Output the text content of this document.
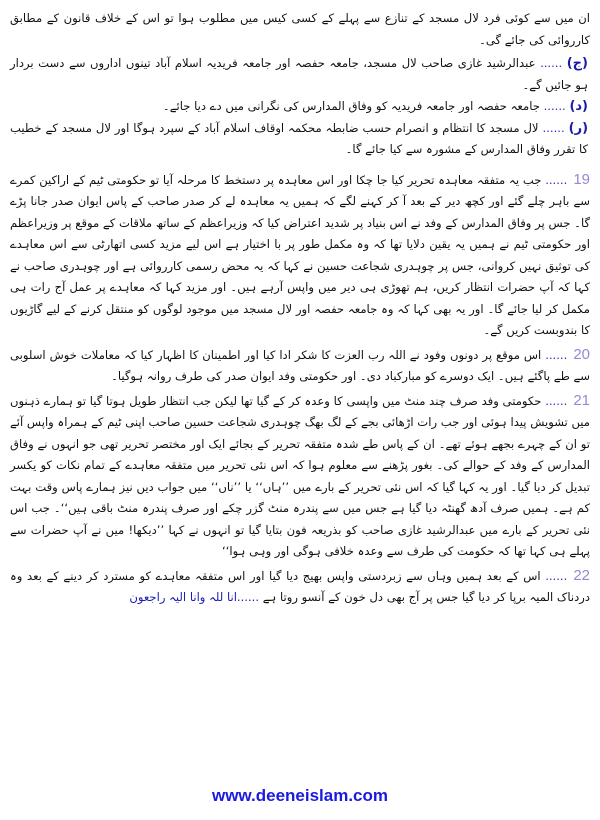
ان میں سے کوئی فرد لال مسجد کے تنازع سے پہلے کے کسی کیس میں مطلوب ہوا تو اس کے خلاف قانون کے مطابق کارروائی کی جائے گی۔

(ج) ...... عبدالرشید غازی صاحب لال مسجد، جامعہ حفصہ اور جامعہ فریدیہ اسلام آباد تینوں اداروں سے دست بردار ہو جائیں گے۔
(د) ...... جامعہ حفصہ اور جامعہ فریدیہ کو وفاق المدارس کی نگرانی میں دے دیا جائے۔
(ر) ...... لال مسجد کا انتظام و انصرام حسب ضابطہ محکمہ اوقاف اسلام آباد کے سپرد ہوگا اور لال مسجد کے خطیب کا تقرر وفاق المدارس کے مشورہ سے کیا جائے گا۔

19...... جب یہ متفقہ معاہدہ تحریر کیا جا چکا اور اس معاہدہ پر دستخط کا مرحلہ آیا تو حکومتی ٹیم کے اراکین کمرے سے باہر چلے گئے اور کچھ دیر کے بعد آ کر کہنے لگے کہ ہمیں یہ معاہدہ لے کر صدر صاحب کے پاس ایوان صدر جانا پڑے گا۔ جس پر وفاق المدارس کے وفد نے اس بنیاد پر شدید اعتراض کیا کہ وزیراعظم کے ساتھ ملاقات کے موقع پر وزیراعظم اور حکومتی ٹیم نے ہمیں یہ یقین دلایا تھا کہ وہ مکمل طور پر با اختیار ہے اس لیے مزید کسی اتھارٹی سے اس معاہدے کی توثیق نہیں کروانی، جس پر چوہدری شجاعت حسین نے کہا کہ یہ محض رسمی کارروائی ہے اور چوہدری صاحب نے کہا کہ آپ حضرات انتظار کریں، ہم تھوڑی ہی دیر میں واپس آرہے ہیں۔ اور مزید کہا کہ معاہدے پر عمل آج رات ہی مکمل کر لیا جائے گا۔ اور یہ بھی کہا کہ وہ جامعہ حفصہ اور لال مسجد میں موجود لوگوں کو منتقل کرنے کے لیے گاڑیوں کا بندوبست کریں گے۔

20...... اس موقع پر دونوں وفود نے اللہ رب العزت کا شکر ادا کیا اور اطمینان کا اظہار کیا کہ معاملات خوش اسلوبی سے طے پاگئے ہیں۔ ایک دوسرے کو مبارکباد دی۔ اور حکومتی وفد ایوان صدر کی طرف روانہ ہوگیا۔

21...... حکومتی وفد صرف چند منٹ میں واپسی کا وعدہ کر کے گیا تھا لیکن جب انتظار طویل ہوتا گیا تو ہمارے ذہنوں میں تشویش پیدا ہوئی اور جب رات اڑھائی بجے کے لگ بھگ چوہدری شجاعت حسین صاحب اپنی ٹیم کے ہمراہ واپس آئے تو ان کے چہرے بجھے ہوئے تھے۔ ان کے پاس طے شدہ متفقہ تحریر کے بجائے ایک اور مختصر تحریر تھی جو انہوں نے وفاق المدارس کے وفد کے حوالے کی۔ بغور پڑھنے سے معلوم ہوا کہ اس نئی تحریر میں متفقہ معاہدے کے تمام نکات کو یکسر تبدیل کر دیا گیا۔ اور یہ کہا گیا کہ اس نئی تحریر کے بارے میں ’’ہاں‘‘ یا ’’ناں‘‘ میں جواب دیں نیز ہمارے پاس وقت بہت کم ہے۔ ہمیں صرف آدھ گھنٹہ دیا گیا ہے جس میں سے پندرہ منٹ گزر چکے اور صرف پندرہ منٹ باقی ہیں‘‘۔ جب اس نئی تحریر کے بارے میں عبدالرشید غازی صاحب کو بذریعہ فون بتایا گیا تو انہوں نے کہا ’’دیکھا! میں نے آپ حضرات سے پہلے ہی کہا تھا کہ حکومت کی طرف سے وعدہ خلافی ہوگی اور وہی ہوا‘‘

22...... اس کے بعد ہمیں وہاں سے زبردستی واپس بھیج دیا گیا اور اس متفقہ معاہدے کو مسترد کر دینے کے بعد وہ دردناک المیہ برپا کر دیا گیا جس پر آج بھی دل خون کے آنسو روتا ہے ......انا للہ وانا الیہ راجعون

www.deeneislam.com
